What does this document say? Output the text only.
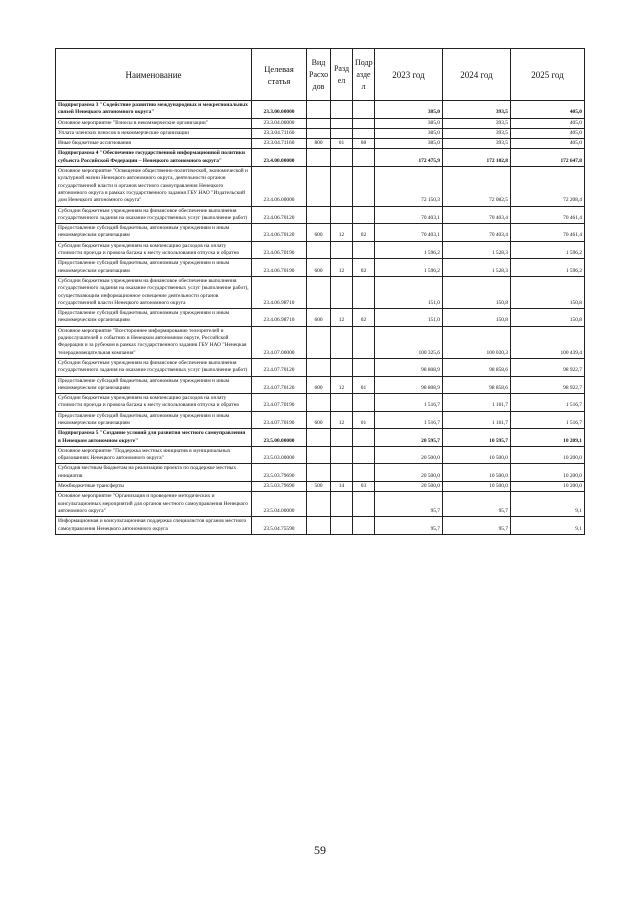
Наименование	Целевая статья	Вид Расхо дов	Разд ел	Подр азде л	2023 год	2024 год	2025 год
Подпрограмма 3 "Содействие развитию международных и межрегиональных связей Ненецкого автономного округа"	23.3.00.00000				385,0	393,5	405,0
Основное мероприятие "Взносы в некоммерческие организации"	23.3.04.00000				385,0	393,5	405,0
Уплата членских взносов в некоммерческие организации	23.3.04.71160				385,0	393,5	405,0
Иные бюджетные ассигнования	23.3.04.71160	800	01	08	385,0	393,5	405,0
Подпрограмма 4 "Обеспечение государственной информационной политики субъекта Российской Федерации – Ненецкого автономного округа"	23.4.00.00000				172 475,9	172 102,8	172 647,8
Основное мероприятие "Освещение общественно-политической, экономической и культурной жизни Ненецкого автономного округа, деятельности органов государственной власти и органов местного самоуправления Ненецкого автономного округа в рамках государственного задания ГБУ НАО "Издательский дом Ненецкого автономного округа"	23.4.06.00000				72 150,3	72 082,5	72 208,4
Субсидии бюджетным учреждениям на финансовое обеспечение выполнения государственного задания на оказание государственных услуг (выполнение работ)	23.4.06.70120				70 403,1	70 403,4	70 461,4
Предоставление субсидий бюджетным, автономным учреждениям и иным некоммерческим организациям	23.4.06.70120	600	12	02	70 403,1	70 403,4	70 461,4
Субсидии бюджетным учреждениям на компенсацию расходов на оплату стоимости проезда и провоза багажа к месту использования отпуска и обратно	23.4.06.70190				1 596,2	1 528,3	1 596,2
Предоставление субсидий бюджетным, автономным учреждениям и иным некоммерческим организациям	23.4.06.70190	600	12	02	1 596,2	1 528,3	1 596,2
Субсидии бюджетным учреждениям на финансовое обеспечение выполнения государственного задания на оказание государственных услуг (выполнение работ), осуществляющим информационное освещение деятельности органов государственной власти Ненецкого автономного округа	23.4.06.98710				151,0	150,8	150,8
Предоставление субсидий бюджетным, автономным учреждениям и иным некоммерческим организациям	23.4.06.98710	600	12	02	151,0	150,8	150,8
Основное мероприятие "Всестороннее информирование телезрителей и радиослушателей о событиях в Ненецком автономном округе, Российской Федерации и за рубежом в рамках государственного задания ГБУ НАО "Ненецкая телерадиовещательная компания"	23.4.07.00000				100 325,6	100 020,3	100 439,4
Субсидии бюджетным учреждениям на финансовое обеспечение выполнения государственного задания на оказание государственных услуг (выполнение работ)	23.4.07.70120				98 808,9	98 858,6	98 922,7
Предоставление субсидий бюджетным, автономным учреждениям и иным некоммерческим организациям	23.4.07.70120	600	12	01	98 808,9	98 858,6	98 922,7
Субсидии бюджетным учреждениям на компенсацию расходов на оплату стоимости проезда и провоза багажа к месту использования отпуска и обратно	23.4.07.70190				1 516,7	1 161,7	1 516,7
Предоставление субсидий бюджетным, автономным учреждениям и иным некоммерческим организациям	23.4.07.70190	600	12	01	1 516,7	1 161,7	1 516,7
Подпрограмма 5 "Создание условий для развития местного самоуправления в Ненецком автономном округе"	23.5.00.00000				20 595,7	10 595,7	10 209,1
Основное мероприятие "Поддержка местных инициатив в муниципальных образованиях Ненецкого автономного округа"	23.5.03.00000				20 500,0	10 500,0	10 200,0
Субсидия местным бюджетам на реализацию проекта по поддержке местных инициатив	23.5.03.79690				20 500,0	10 500,0	10 200,0
Межбюджетные трансферты	23.5.03.79690	500	14	03	20 500,0	10 500,0	10 200,0
Основное мероприятие "Организация и проведение методических и консультационных мероприятий для органов местного самоуправления Ненецкого автономного округа"	23.5.04.00000				95,7	95,7	9,1
Информационная и консультационная поддержка специалистов органов местного самоуправления Ненецкого автономного округа	23.5.04.75590				95,7	95,7	9,1
59
